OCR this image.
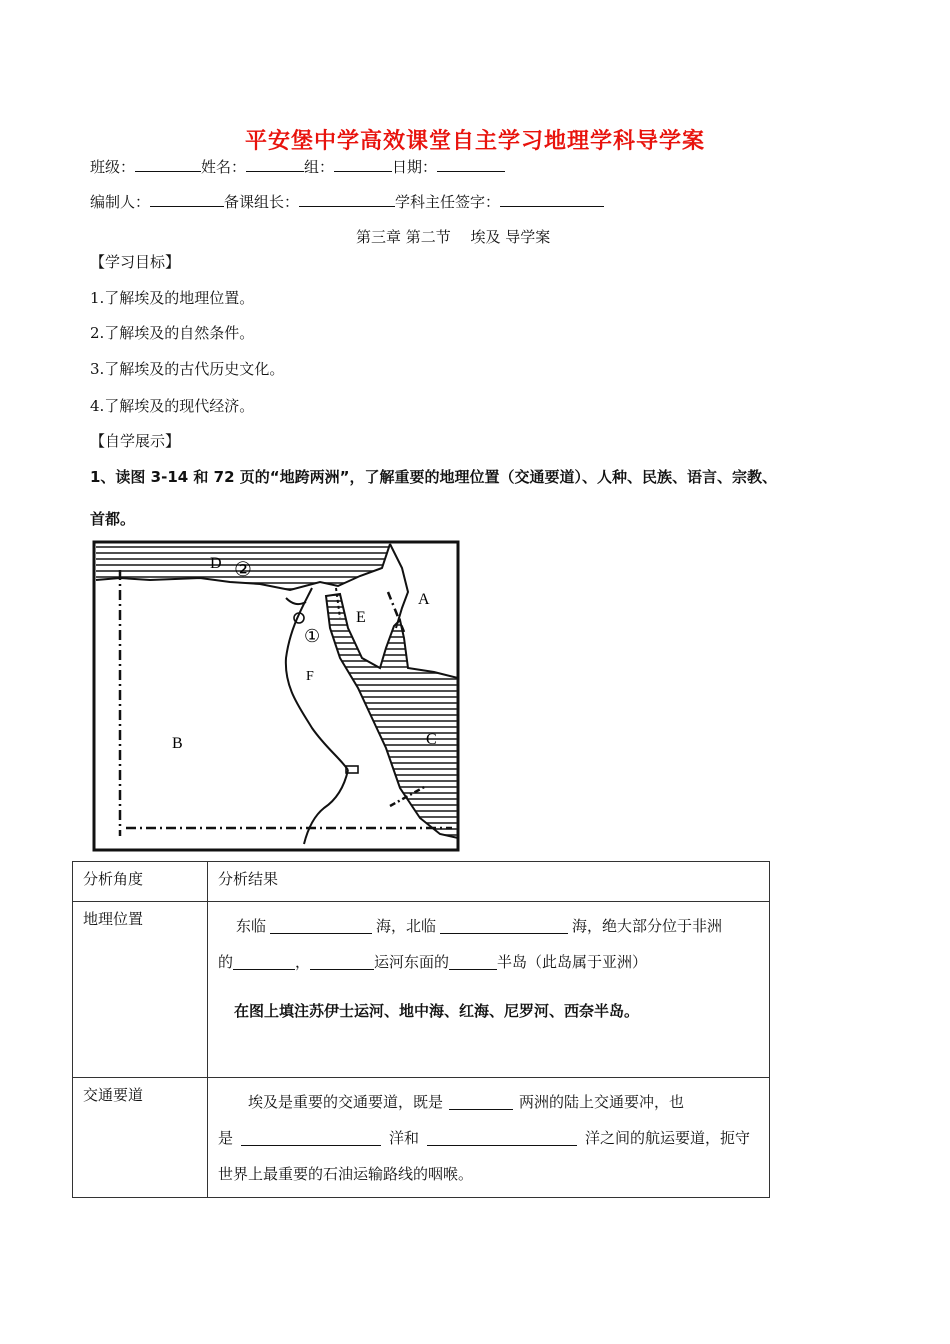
平安堡中学高效课堂自主学习地理学科导学案
班级：	姓名：	组：	日期：
编制人：	备课组长：	学科主任签字：
第三章 第二节　 埃及 导学案
【学习目标】
1.了解埃及的地理位置。
2.了解埃及的自然条件。
3.了解埃及的古代历史文化。
4.了解埃及的现代经济。
【自学展示】
1、读图 3-14 和 72 页的“地跨两洲”，了解重要的地理位置（交通要道）、人种、民族、语言、宗教、
首都。
D ②
A
E
①
F
B	C
分析角度	分析结果
地理位置	东临 海，北临 海，绝大部分位于非洲
的 ， 运河东面的 半岛（此岛属于亚洲）
在图上填注苏伊士运河、地中海、红海、尼罗河、西奈半岛。

交通要道	埃及是重要的交通要道，既是 两洲的陆上交通要冲，也
是 洋和 洋之间的航运要道，扼守
世界上最重要的石油运输路线的咽喉。
